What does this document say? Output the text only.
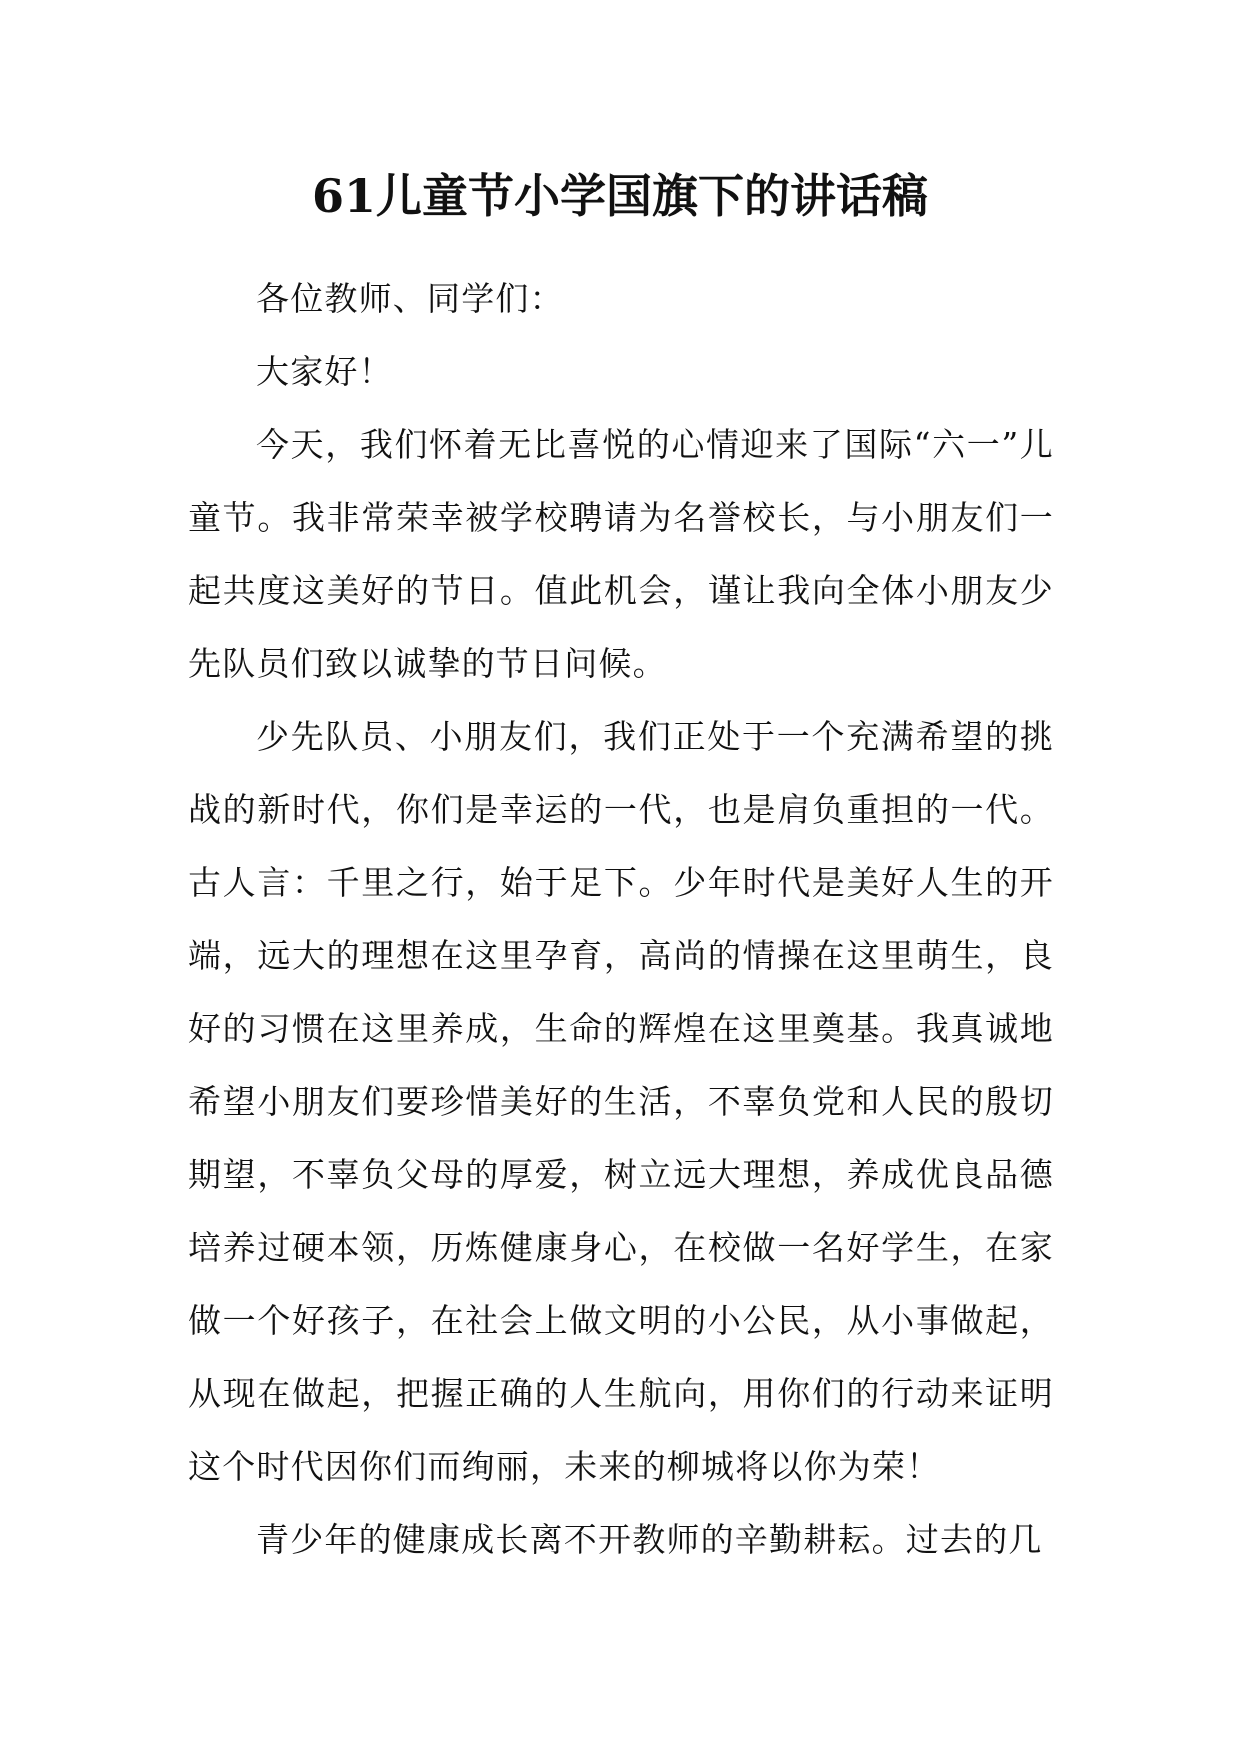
61儿童节小学国旗下的讲话稿

各位教师、同学们：

大家好！

今天，我们怀着无比喜悦的心情迎来了国际“六一”儿童节。我非常荣幸被学校聘请为名誉校长，与小朋友们一起共度这美好的节日。值此机会，谨让我向全体小朋友少先队员们致以诚挚的节日问候。

少先队员、小朋友们，我们正处于一个充满希望的挑战的新时代，你们是幸运的一代，也是肩负重担的一代。古人言：千里之行，始于足下。少年时代是美好人生的开端，远大的理想在这里孕育，高尚的情操在这里萌生，良好的习惯在这里养成，生命的辉煌在这里奠基。我真诚地希望小朋友们要珍惜美好的生活，不辜负党和人民的殷切期望，不辜负父母的厚爱，树立远大理想，养成优良品德培养过硬本领，历炼健康身心，在校做一名好学生，在家做一个好孩子，在社会上做文明的小公民，从小事做起，从现在做起，把握正确的人生航向，用你们的行动来证明这个时代因你们而绚丽，未来的柳城将以你为荣！

青少年的健康成长离不开教师的辛勤耕耘。过去的几
